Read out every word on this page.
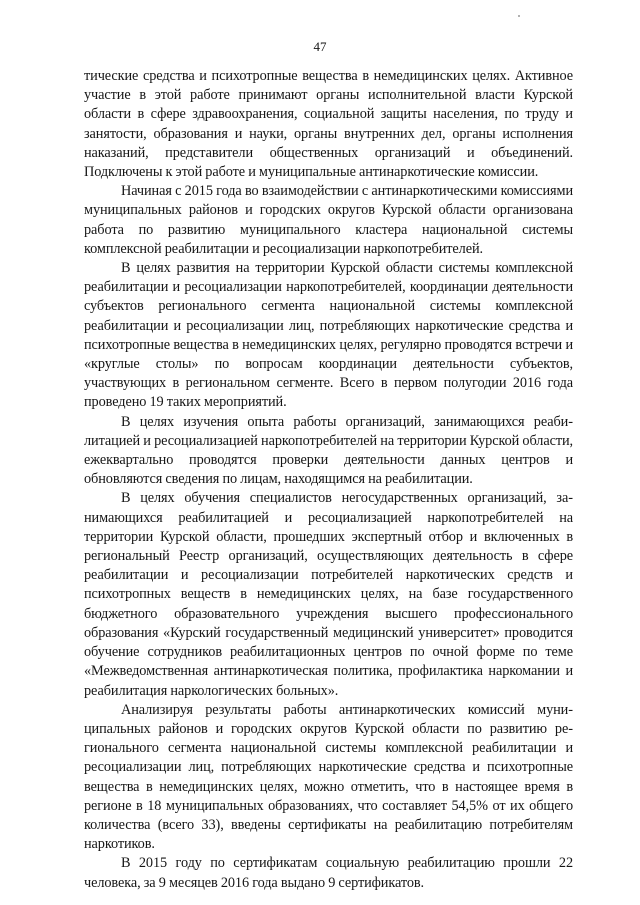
47

тические средства и психотропные вещества в немедицинских целях. Активное участие в этой работе принимают органы исполнительной власти Курской области в сфере здравоохранения, социальной защиты населения, по труду и занятости, образования и науки, органы внутренних дел, органы исполнения наказаний, представители общественных организаций и объединений. Подключены к этой работе и муниципальные антинаркотические комиссии.

Начиная с 2015 года во взаимодействии с антинаркотическими комиссиями муниципальных районов и городских округов Курской области организована работа по развитию муниципального кластера национальной системы комплексной реабилитации и ресоциализации наркопотребителей.

В целях развития на территории Курской области системы комплексной реабилитации и ресоциализации наркопотребителей, координации деятельности субъектов регионального сегмента национальной системы комплексной реабилитации и ресоциализации лиц, потребляющих наркотические средства и психотропные вещества в немедицинских целях, регулярно проводятся встречи и «круглые столы» по вопросам координации деятельности субъектов, участвующих в региональном сегменте. Всего в первом полугодии 2016 года проведено 19 таких мероприятий.

В целях изучения опыта работы организаций, занимающихся реабилитацией и ресоциализацией наркопотребителей на территории Курской области, ежеквартально проводятся проверки деятельности данных центров и обновляются сведения по лицам, находящимся на реабилитации.

В целях обучения специалистов негосударственных организаций, занимающихся реабилитацией и ресоциализацией наркопотребителей на территории Курской области, прошедших экспертный отбор и включенных в региональный Реестр организаций, осуществляющих деятельность в сфере реабилитации и ресоциализации потребителей наркотических средств и психотропных веществ в немедицинских целях, на базе государственного бюджетного образовательного учреждения высшего профессионального образования «Курский государственный медицинский университет» проводится обучение сотрудников реабилитационных центров по очной форме по теме «Межведомственная антинаркотическая политика, профилактика наркомании и реабилитация наркологических больных».

Анализируя результаты работы антинаркотических комиссий муниципальных районов и городских округов Курской области по развитию регионального сегмента национальной системы комплексной реабилитации и ресоциализации лиц, потребляющих наркотические средства и психотропные вещества в немедицинских целях, можно отметить, что в настоящее время в регионе в 18 муниципальных образованиях, что составляет 54,5% от их общего количества (всего 33), введены сертификаты на реабилитацию потребителям наркотиков.

В 2015 году по сертификатам социальную реабилитацию прошли 22 человека, за 9 месяцев 2016 года выдано 9 сертификатов.
